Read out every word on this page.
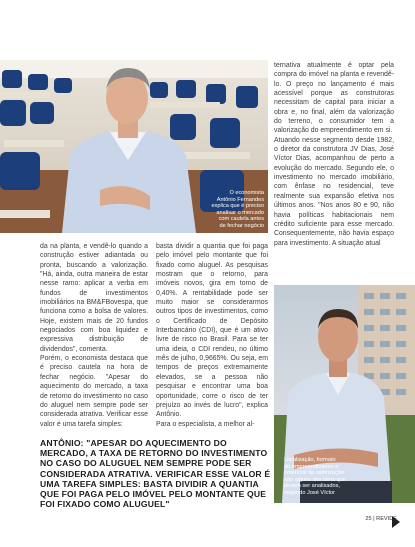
O economista
Antônio Fernandes
explica que é preciso
analisar o mercado
com cautela antes
de fechar negócio
ternativa atualmente é optar pela compra do imóvel na planta e revendê-lo. O preço no lançamento é mais acessível porque as construtoras necessitam de capital para iniciar a obra e, no final, além da valorização do terreno, o consumidor tem a valorização do empreendimento em si.
Atuando nesse segmento desde 1982, o diretor da construtora JV Dias, José Víctor Dias, acompanhou de perto a evolução do mercado. Segundo ele, o investimento no mercado imobiliário, com ênfase no residencial, teve realmente sua expansão efetiva nos últimos anos. "Nos anos 80 e 90, não havia políticas habitacionais nem crédito suficiente para esse mercado. Consequentemente, não havia espaço para investimento. A situação atual
da na planta, e vendê-lo quando a construção estiver adiantada ou pronta, buscando a valorização. "Há, ainda, outra maneira de estar nesse ramo: aplicar a verba em fundos de investimentos imobiliários na BM&FBovespa, que funciona como a bolsa de valores. Hoje, existem mais de 20 fundos negociados com boa liquidez e expressiva distribuição de dividendos", comenta.
Porém, o economista destaca que é preciso cautela na hora de fechar negócio. "Apesar do aquecimento do mercado, a taxa de retorno do investimento no caso do aluguel nem sempre pode ser considerada atrativa. Verificar esse valor é uma tarefa simples:
basta dividir a quantia que foi paga pelo imóvel pelo montante que foi fixado como aluguel. As pesquisas mostram que o retorno, para imóveis novos, gira em torno de 0,40%. A rentabilidade pode ser muito maior se considerarmos outros tipos de investimentos, como o Certificado de Depósito Interbancário (CDI), que é um ativo livre de risco no Brasil. Para se ter uma ideia, o CDI rendeu, no último mês de julho, 0,9665%. Ou seja, em tempos de preços extremamente elevados, se a pessoa não pesquisar e encontrar uma boa oportunidade, corre o risco de ter prejuízo ao invés de lucro", explica Antônio.
Para o especialista, a melhor al-
Localização, formato
do empreendimento e
potencial de valorização
são alguns dos itens que
devem ser analisados,
segundo José Víctor
ANTÔNIO: "APESAR DO AQUECIMENTO DO MERCADO, A TAXA DE RETORNO DO INVESTIMENTO NO CASO DO ALUGUEL NEM SEMPRE PODE SER CONSIDERADA ATRATIVA. VERIFICAR ESSE VALOR É UMA TAREFA SIMPLES: BASTA DIVIDIR A QUANTIA QUE FOI PAGA PELO IMÓVEL PELO MONTANTE QUE FOI FIXADO COMO ALUGUEL"
25 | REVIDE
